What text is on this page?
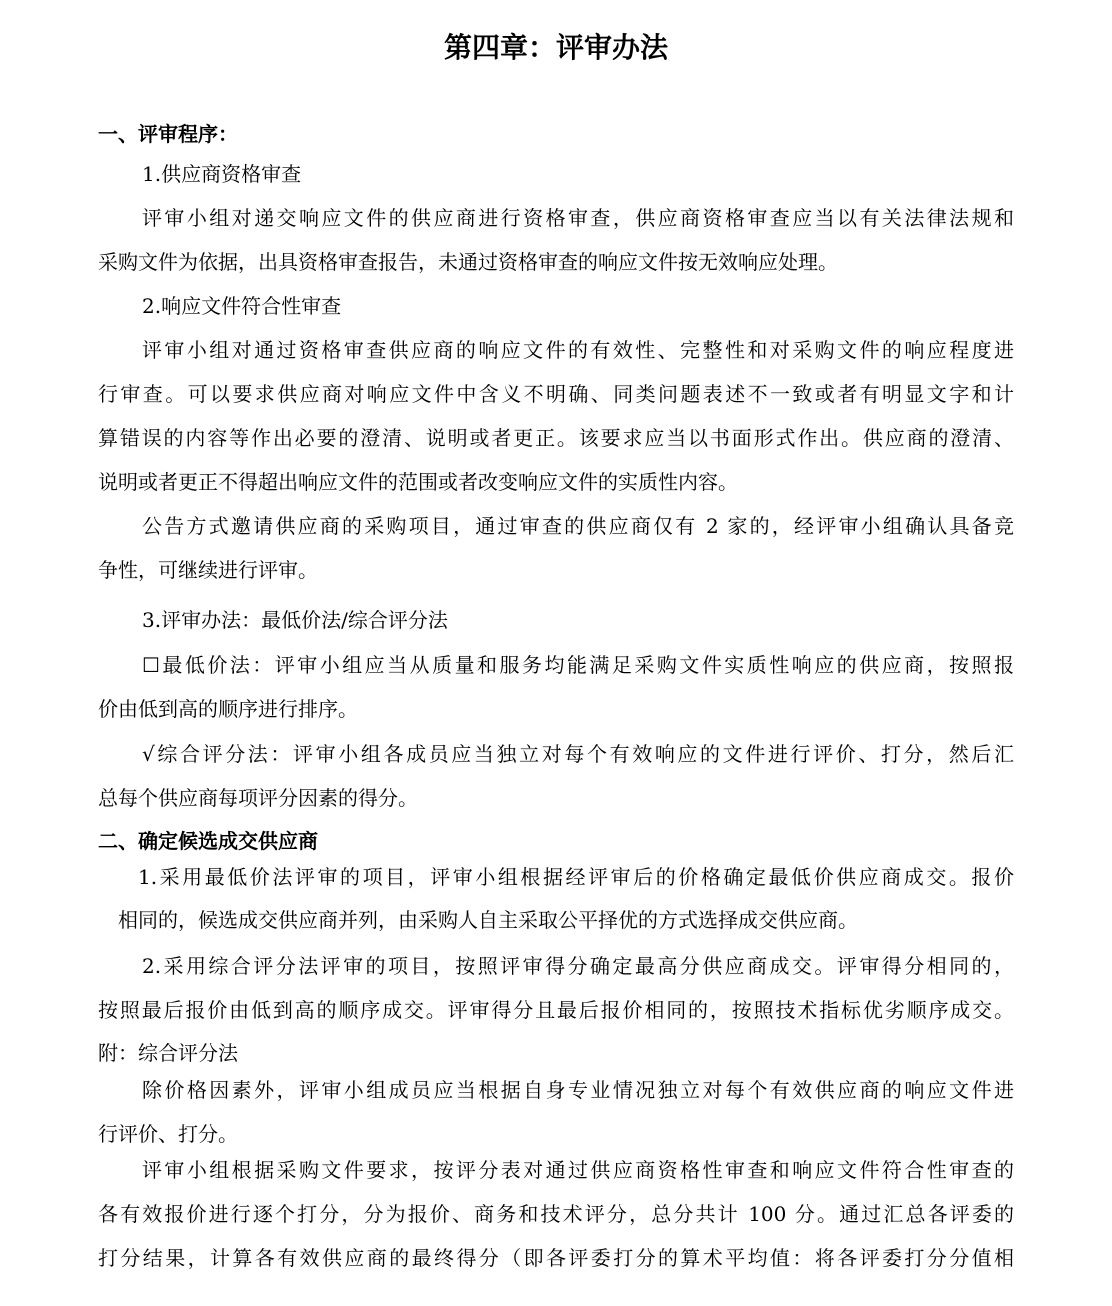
第四章：评审办法
一、评审程序：
1.供应商资格审查
评审小组对递交响应文件的供应商进行资格审查，供应商资格审查应当以有关法律法规和
采购文件为依据，出具资格审查报告，未通过资格审查的响应文件按无效响应处理。
2.响应文件符合性审查
评审小组对通过资格审查供应商的响应文件的有效性、完整性和对采购文件的响应程度进
行审查。可以要求供应商对响应文件中含义不明确、同类问题表述不一致或者有明显文字和计
算错误的内容等作出必要的澄清、说明或者更正。该要求应当以书面形式作出。供应商的澄清、
说明或者更正不得超出响应文件的范围或者改变响应文件的实质性内容。
公告方式邀请供应商的采购项目，通过审查的供应商仅有 2 家的，经评审小组确认具备竞
争性，可继续进行评审。
3.评审办法：最低价法/综合评分法
☐最低价法：评审小组应当从质量和服务均能满足采购文件实质性响应的供应商，按照报
价由低到高的顺序进行排序。
√综合评分法：评审小组各成员应当独立对每个有效响应的文件进行评价、打分，然后汇
总每个供应商每项评分因素的得分。
二、确定候选成交供应商
1.采用最低价法评审的项目，评审小组根据经评审后的价格确定最低价供应商成交。报价
相同的，候选成交供应商并列，由采购人自主采取公平择优的方式选择成交供应商。
2.采用综合评分法评审的项目，按照评审得分确定最高分供应商成交。评审得分相同的，
按照最后报价由低到高的顺序成交。评审得分且最后报价相同的，按照技术指标优劣顺序成交。
附：综合评分法
除价格因素外，评审小组成员应当根据自身专业情况独立对每个有效供应商的响应文件进
行评价、打分。
评审小组根据采购文件要求，按评分表对通过供应商资格性审查和响应文件符合性审查的
各有效报价进行逐个打分，分为报价、商务和技术评分，总分共计 100 分。通过汇总各评委的
打分结果，计算各有效供应商的最终得分（即各评委打分的算术平均值：将各评委打分分值相
